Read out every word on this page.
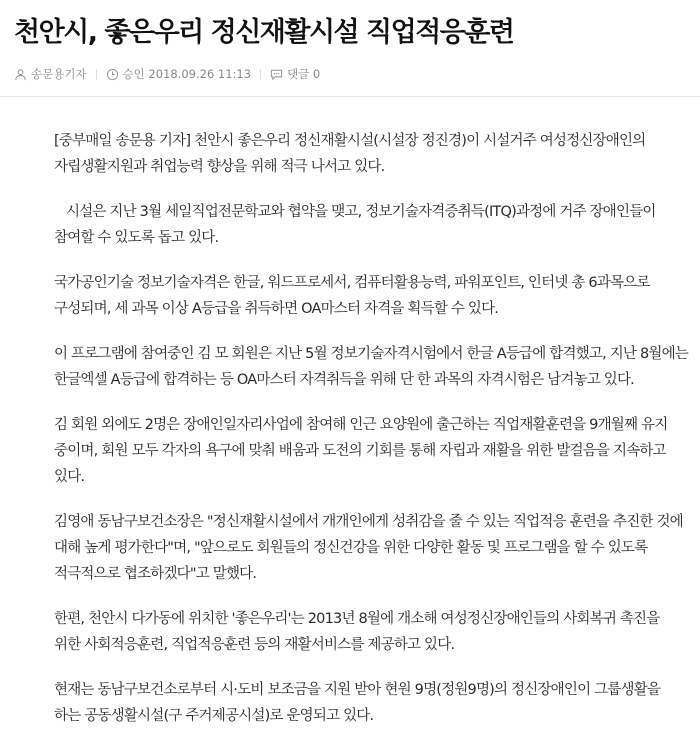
천안시, 좋은우리 정신재활시설 직업적응훈련
송문용기자	승인 2018.09.26 11:13	댓글 0

[중부매일 송문용 기자] 천안시 좋은우리 정신재활시설(시설장 정진경)이 시설거주 여성정신장애인의 자립생활지원과 취업능력 향상을 위해 적극 나서고 있다.

시설은 지난 3월 세일직업전문학교와 협약을 맺고, 정보기술자격증취득(ITQ)과정에 거주 장애인들이 참여할 수 있도록 돕고 있다.

국가공인기술 정보기술자격은 한글, 워드프로세서, 컴퓨터활용능력, 파워포인트, 인터넷 총 6과목으로 구성되며, 세 과목 이상 A등급을 취득하면 OA마스터 자격을 획득할 수 있다.

이 프로그램에 참여중인 김 모 회원은 지난 5월 정보기술자격시험에서 한글 A등급에 합격했고, 지난 8월에는 한글엑셀 A등급에 합격하는 등 OA마스터 자격취득을 위해 단 한 과목의 자격시험은 남겨놓고 있다.

김 회원 외에도 2명은 장애인일자리사업에 참여해 인근 요양원에 출근하는 직업재활훈련을 9개월째 유지 중이며, 회원 모두 각자의 욕구에 맞춰 배움과 도전의 기회를 통해 자립과 재활을 위한 발걸음을 지속하고 있다.

김영애 동남구보건소장은 "정신재활시설에서 개개인에게 성취감을 줄 수 있는 직업적응 훈련을 추진한 것에 대해 높게 평가한다"며, "앞으로도 회원들의 정신건강을 위한 다양한 활동 및 프로그램을 할 수 있도록 적극적으로 협조하겠다"고 말했다.

한편, 천안시 다가동에 위치한 '좋은우리'는 2013년 8월에 개소해 여성정신장애인들의 사회복귀 촉진을 위한 사회적응훈련, 직업적응훈련 등의 재활서비스를 제공하고 있다.

현재는 동남구보건소로부터 시·도비 보조금을 지원 받아 현원 9명(정원9명)의 정신장애인이 그룹생활을 하는 공동생활시설(구 주거제공시설)로 운영되고 있다.
